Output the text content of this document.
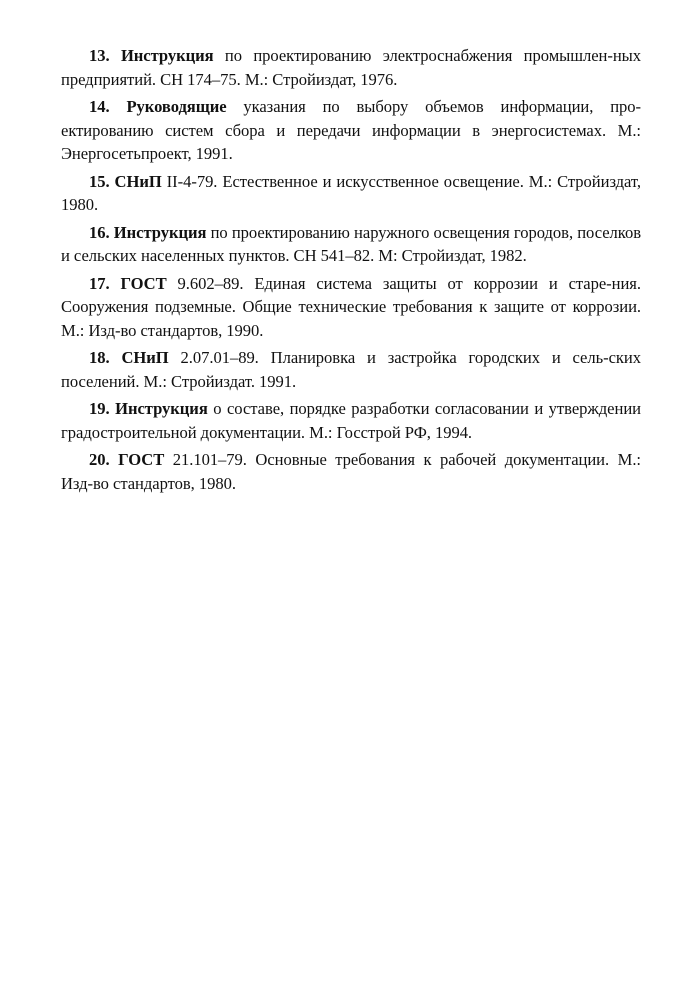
13. Инструкция по проектированию электроснабжения промышлен-ных предприятий. СН 174–75. М.: Стройиздат, 1976.
14. Руководящие указания по выбору объемов информации, про-ектированию систем сбора и передачи информации в энергосистемах. М.: Энергосетьпроект, 1991.
15. СНиП II-4-79. Естественное и искусственное освещение. М.: Стройиздат, 1980.
16. Инструкция по проектированию наружного освещения городов, поселков и сельских населенных пунктов. СН 541–82. М: Стройиздат, 1982.
17. ГОСТ 9.602–89. Единая система защиты от коррозии и старе-ния. Сооружения подземные. Общие технические требования к защите от коррозии. М.: Изд-во стандартов, 1990.
18. СНиП 2.07.01–89. Планировка и застройка городских и сель-ских поселений. М.: Стройиздат. 1991.
19. Инструкция о составе, порядке разработки согласовании и утверждении градостроительной документации. М.: Госстрой РФ, 1994.
20. ГОСТ 21.101–79. Основные требования к рабочей документации. М.: Изд-во стандартов, 1980.
